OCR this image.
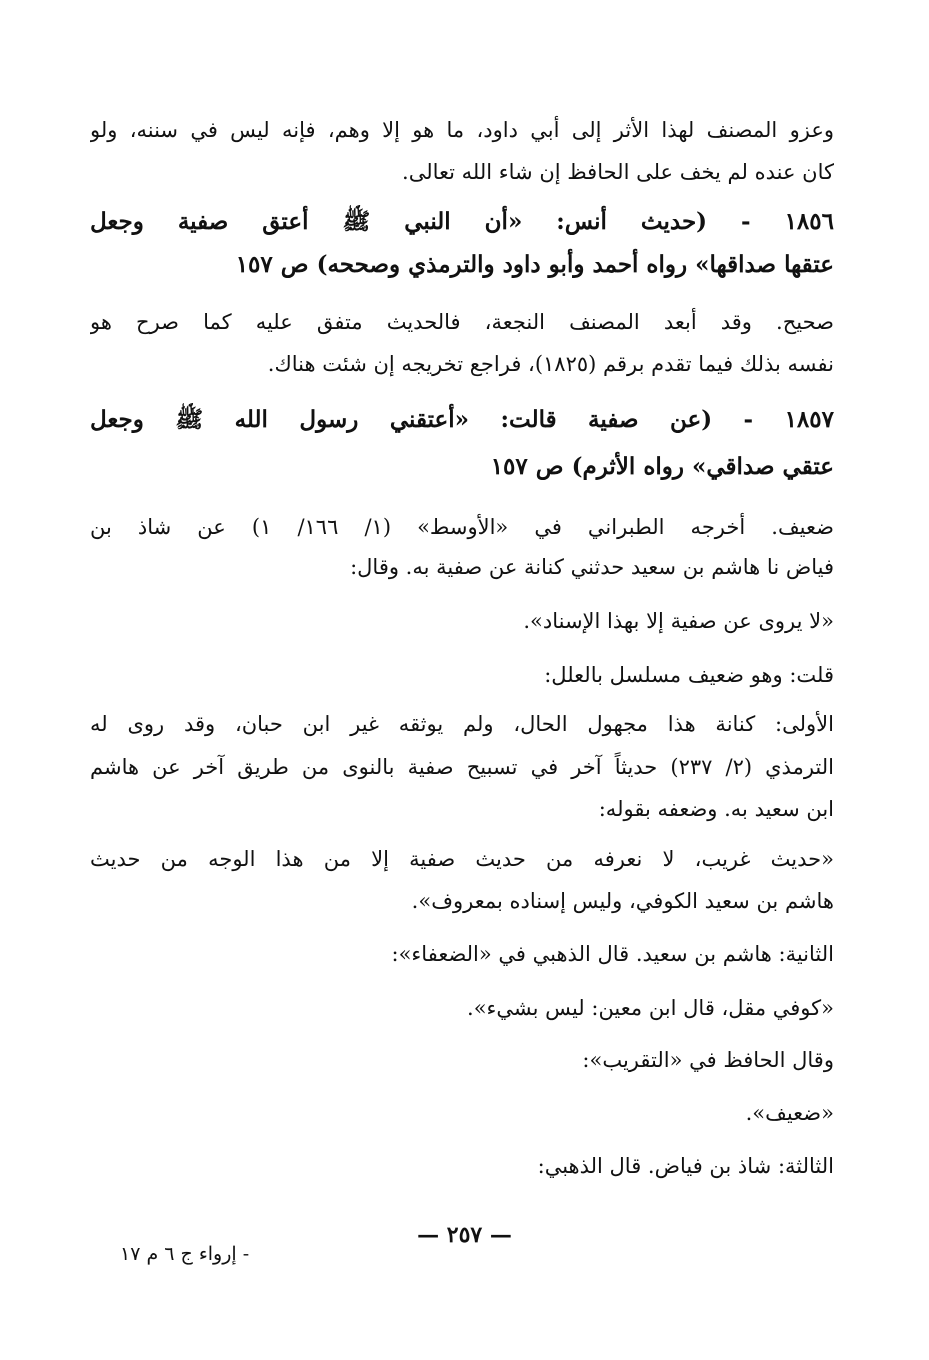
وعزو المصنف لهذا الأثر إلى أبي داود، ما هو إلا وهم، فإنه ليس في سننه، ولو
كان عنده لم يخف على الحافظ إن شاء الله تعالى.
١٨٥٦ - (حديث أنس: «أن النبي ﷺ أعتق صفية وجعل
عتقها صداقها» رواه أحمد وأبو داود والترمذي وصححه) ص ١٥٧
صحيح. وقد أبعد المصنف النجعة، فالحديث متفق عليه كما صرح هو
نفسه بذلك فيما تقدم برقم (١٨٢٥)، فراجع تخريجه إن شئت هناك.
١٨٥٧ - (عن صفية قالت: «أعتقني رسول الله ﷺ وجعل
عتقي صداقي» رواه الأثرم) ص ١٥٧
ضعيف. أخرجه الطبراني في «الأوسط» (١/ ١٦٦/ ١) عن شاذ بن
فياض نا هاشم بن سعيد حدثني كنانة عن صفية به. وقال:
«لا يروى عن صفية إلا بهذا الإسناد».
قلت: وهو ضعيف مسلسل بالعلل:
الأولى: كنانة هذا مجهول الحال، ولم يوثقه غير ابن حبان، وقد روى له
الترمذي (٢/ ٢٣٧) حديثاً آخر في تسبيح صفية بالنوى من طريق آخر عن هاشم
ابن سعيد به. وضعفه بقوله:
«حديث غريب، لا نعرفه من حديث صفية إلا من هذا الوجه من حديث
هاشم بن سعيد الكوفي، وليس إسناده بمعروف».
الثانية: هاشم بن سعيد. قال الذهبي في «الضعفاء»:
«كوفي مقل، قال ابن معين: ليس بشيء».
وقال الحافظ في «التقريب»:
«ضعيف».
الثالثة: شاذ بن فياض. قال الذهبي:
— ٢٥٧ —
- إرواء ج ٦ م ١٧
